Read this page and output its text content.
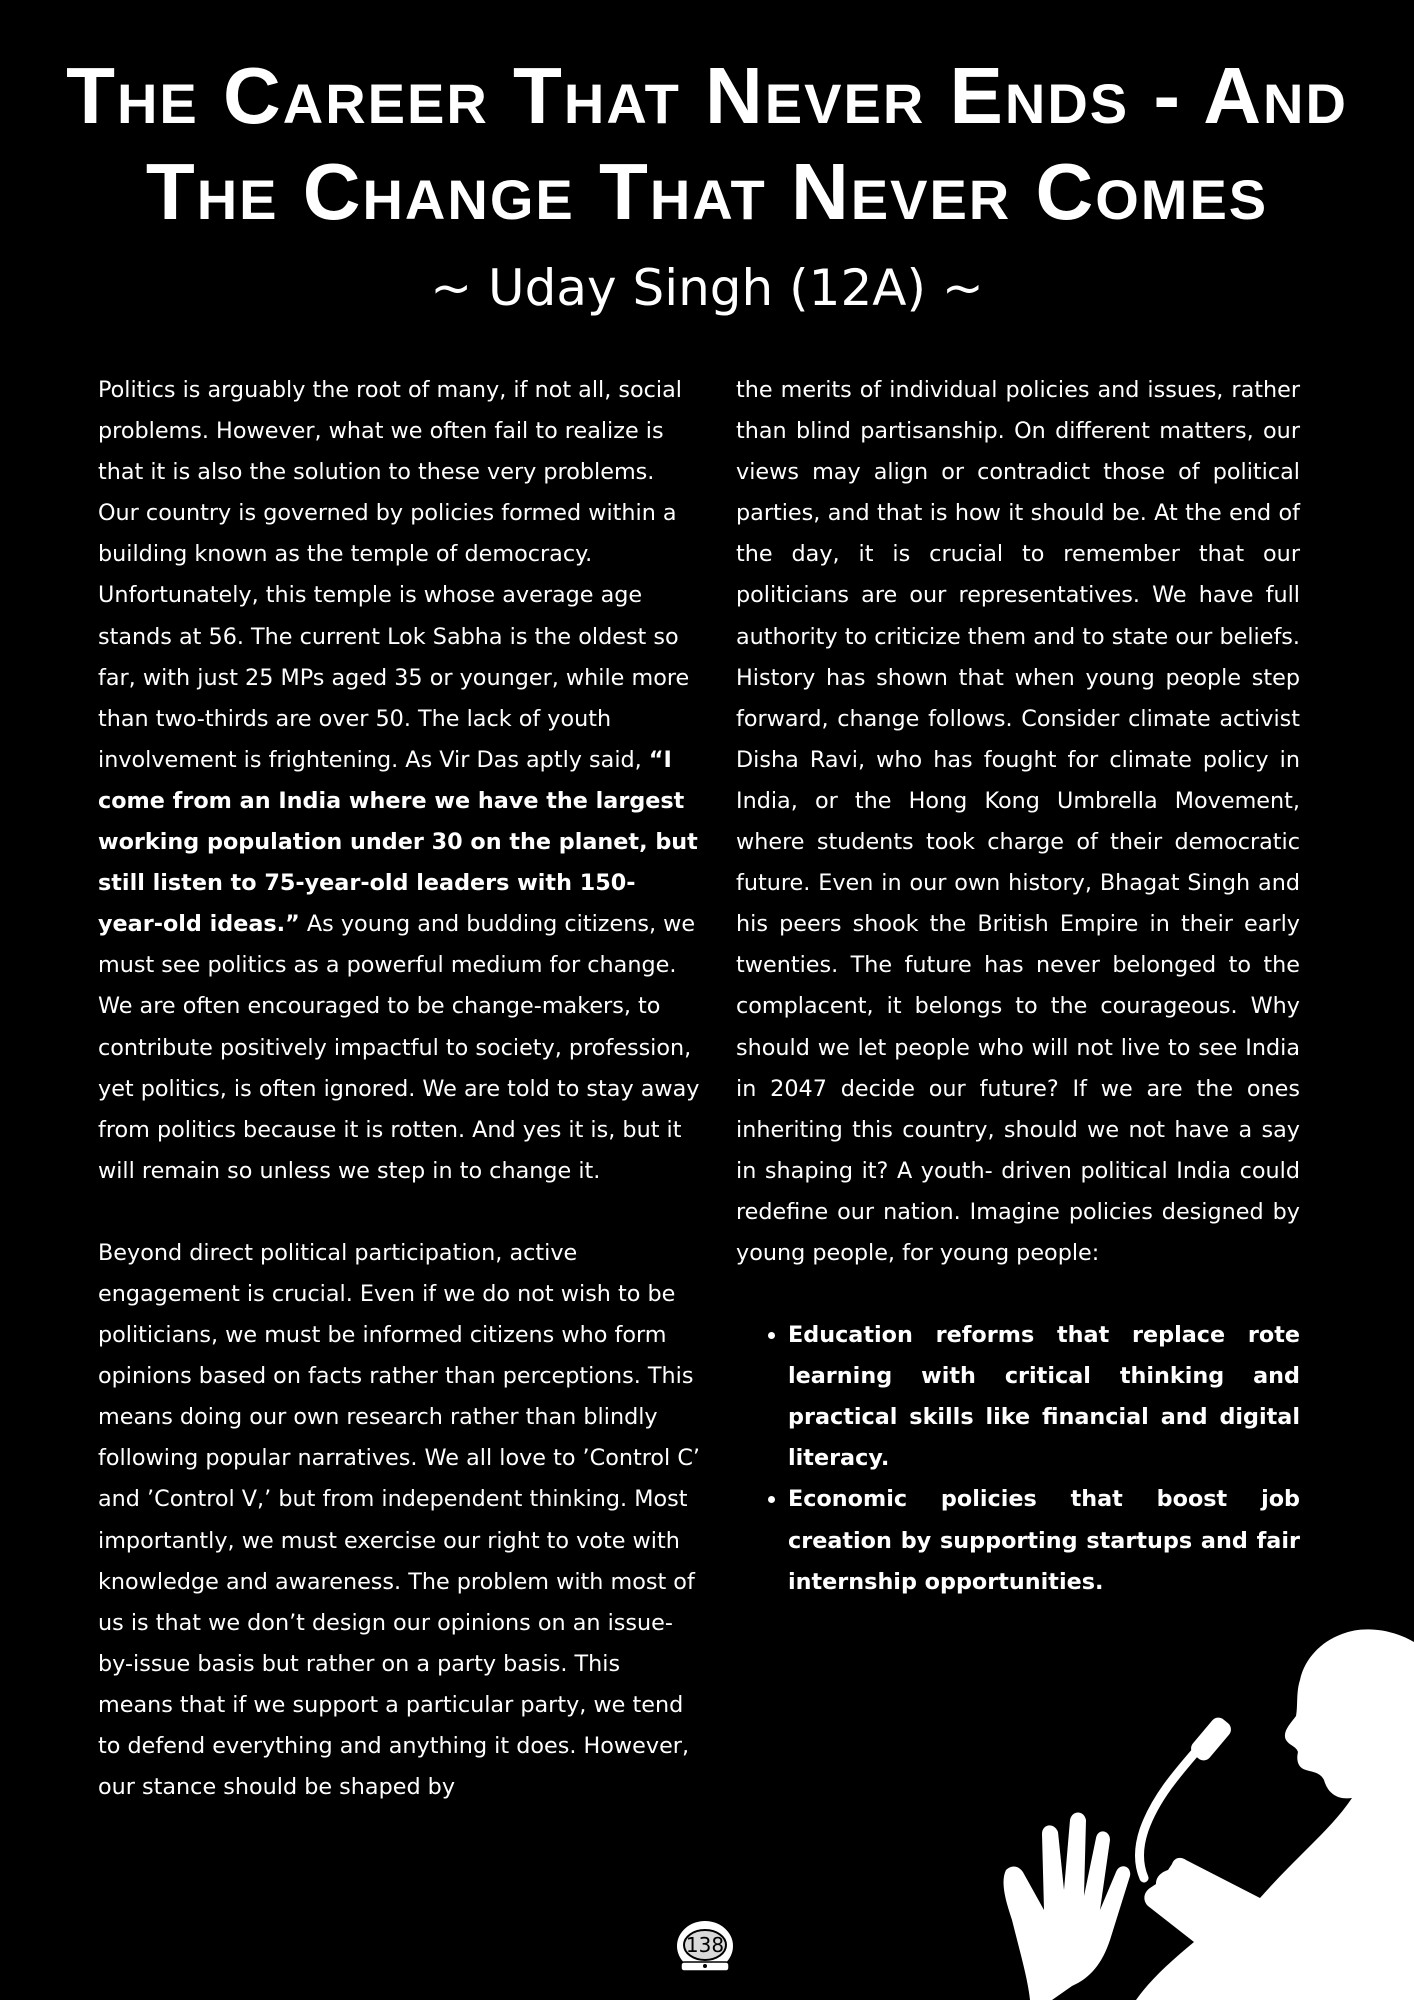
The Career That Never Ends - And
The Change That Never Comes
~ Uday Singh (12A) ~

Politics is arguably the root of many, if not all, social problems. However, what we often fail to realize is that it is also the solution to these very problems. Our country is governed by policies formed within a building known as the temple of democracy. Unfortunately, this temple is whose average age stands at 56. The current Lok Sabha is the oldest so far, with just 25 MPs aged 35 or younger, while more than two-thirds are over 50. The lack of youth involvement is frightening. As Vir Das aptly said, “I come from an India where we have the largest working population under 30 on the planet, but still listen to 75-year-old leaders with 150- year-old ideas.” As young and budding citizens, we must see politics as a powerful medium for change. We are often encouraged to be change-makers, to contribute positively impactful to society, profession, yet politics, is often ignored. We are told to stay away from politics because it is rotten. And yes it is, but it will remain so unless we step in to change it.

Beyond direct political participation, active engagement is crucial. Even if we do not wish to be politicians, we must be informed citizens who form opinions based on facts rather than perceptions. This means doing our own research rather than blindly following popular narratives. We all love to ’Control C’ and ’Control V,’ but from independent thinking. Most importantly, we must exercise our right to vote with knowledge and awareness. The problem with most of us is that we don’t design our opinions on an issue-by-issue basis but rather on a party basis. This means that if we support a particular party, we tend to defend everything and anything it does. However, our stance should be shaped by

the merits of individual policies and issues, rather than blind partisanship. On different matters, our views may align or contradict those of political parties, and that is how it should be. At the end of the day, it is crucial to remember that our politicians are our representatives. We have full authority to criticize them and to state our beliefs. History has shown that when young people step forward, change follows. Consider climate activist Disha Ravi, who has fought for climate policy in India, or the Hong Kong Umbrella Movement, where students took charge of their democratic future. Even in our own history, Bhagat Singh and his peers shook the British Empire in their early twenties. The future has never belonged to the complacent, it belongs to the courageous. Why should we let people who will not live to see India in 2047 decide our future? If we are the ones inheriting this country, should we not have a say in shaping it? A youth- driven political India could redefine our nation. Imagine policies designed by young people, for young people:

• Education reforms that replace rote learning with critical thinking and practical skills like financial and digital literacy.
• Economic policies that boost job creation by supporting startups and fair internship opportunities.
138
